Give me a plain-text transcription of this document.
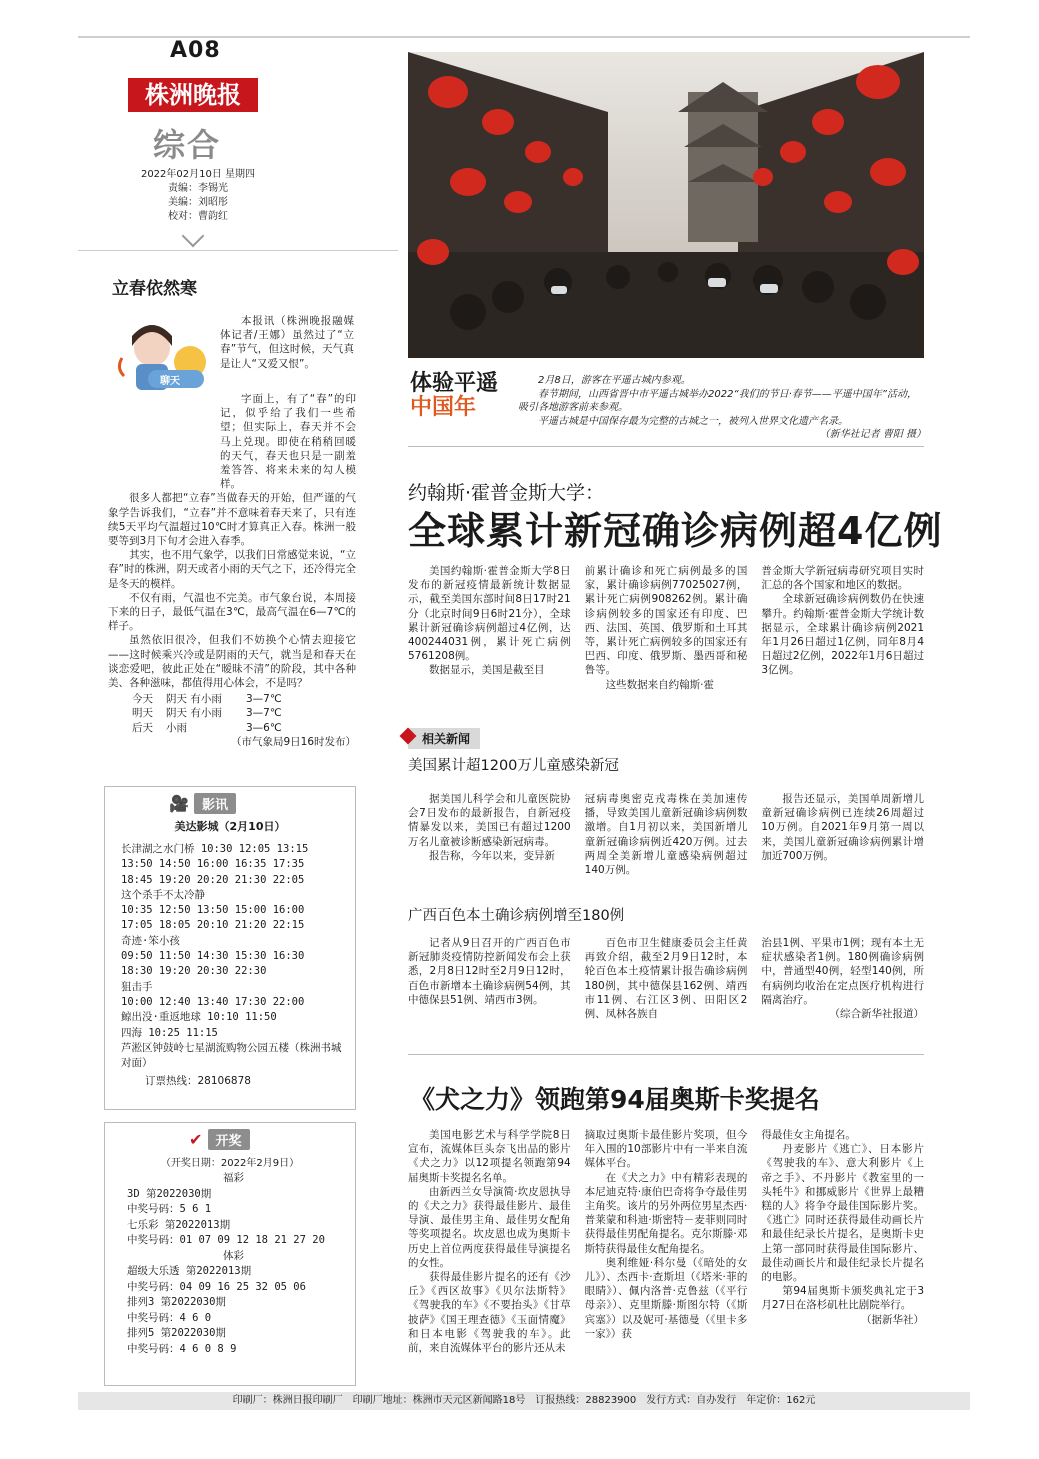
A08
株洲晚报
综合
2022年02月10日 星期四
责编：李锡光
美编：刘昭彤
校对：曹韵红
立春依然寒
聊天

本报讯（株洲晚报融媒体记者/王娜）虽然过了“立春”节气，但这时候，天气真是让人“又爱又恨”。

字面上，有了“春”的印记，似乎给了我们一些希望；但实际上，春天并不会马上兑现。即使在稍稍回暖的天气，春天也只是一副羞羞答答、将来未来的勾人模样。

很多人都把“立春”当做春天的开始，但严谨的气象学告诉我们，“立春”并不意味着春天来了，只有连续5天平均气温超过10℃时才算真正入春。株洲一般要等到3月下旬才会进入春季。

其实，也不用气象学，以我们日常感觉来说，“立春”时的株洲，阴天或者小雨的天气之下，还冷得完全是冬天的模样。

不仅有雨，气温也不完美。市气象台说，本周接下来的日子，最低气温在3℃，最高气温在6—7℃的样子。

虽然依旧很冷，但我们不妨换个心情去迎接它——这时候乘兴冷或是阴雨的天气，就当是和春天在谈恋爱吧，彼此正处在“暧昧不清”的阶段，其中各种美、各种滋味，都值得用心体会，不是吗？

今天 阴天 有小雨 3—7℃
明天 阴天 有小雨 3—7℃
后天 小雨	3—6℃
（市气象局9日16时发布）
🎥 影讯
美达影城（2月10日）
长津湖之水门桥 10:30 12:05 13:15
13:50 14:50 16:00 16:35 17:35
18:45 19:20 20:20 21:30 22:05
这个杀手不太冷静
10:35 12:50 13:50 15:00 16:00
17:05 18:05 20:10 21:20 22:15
奇迹·笨小孩
09:50 11:50 14:30 15:30 16:30
18:30 19:20 20:30 22:30
狙击手
10:00 12:40 13:40 17:30 22:00
鲸出没·重返地球 10:10 11:50
四海 10:25 11:15
芦淞区钟鼓岭七星湖流购物公园五楼（株洲书城对面）
订票热线：28106878
✔ 开奖
（开奖日期：2022年2月9日）
福彩
3D 第2022030期
中奖号码：5 6 1
七乐彩 第2022013期
中奖号码：01 07 09 12 18 21 27 20
体彩
超级大乐透 第2022013期
中奖号码：04 09 16 25 32 05 06
排列3 第2022030期
中奖号码：4 6 0
排列5 第2022030期
中奖号码：4 6 0 8 9
体验平遥
中国年
2月8日，游客在平遥古城内参观。
春节期间，山西省晋中市平遥古城举办2022“我们的节日·春节——平遥中国年”活动，吸引各地游客前来参观。
平遥古城是中国保存最为完整的古城之一，被列入世界文化遗产名录。
（新华社记者 曹阳 摄）
约翰斯·霍普金斯大学：
全球累计新冠确诊病例超4亿例

美国约翰斯·霍普金斯大学8日发布的新冠疫情最新统计数据显示，截至美国东部时间8日17时21分（北京时间9日6时21分），全球累计新冠确诊病例超过4亿例，达400244031例，累计死亡病例5761208例。

数据显示，美国是截至目

前累计确诊和死亡病例最多的国家，累计确诊病例77025027例，累计死亡病例908262例。累计确诊病例较多的国家还有印度、巴西、法国、英国、俄罗斯和土耳其等，累计死亡病例较多的国家还有巴西、印度、俄罗斯、墨西哥和秘鲁等。

这些数据来自约翰斯·霍

普金斯大学新冠病毒研究项目实时汇总的各个国家和地区的数据。

全球新冠确诊病例数仍在快速攀升。约翰斯·霍普金斯大学统计数据显示，全球累计确诊病例2021年1月26日超过1亿例，同年8月4日超过2亿例，2022年1月6日超过3亿例。

相关新闻
美国累计超1200万儿童感染新冠

据美国儿科学会和儿童医院协会7日发布的最新报告，自新冠疫情暴发以来，美国已有超过1200万名儿童被诊断感染新冠病毒。

报告称，今年以来，变异新

冠病毒奥密克戎毒株在美加速传播，导致美国儿童新冠确诊病例数激增。自1月初以来，美国新增儿童新冠确诊病例近420万例。过去两周全美新增儿童感染病例超过140万例。

报告还显示，美国单周新增儿童新冠确诊病例已连续26周超过10万例。自2021年9月第一周以来，美国儿童新冠确诊病例累计增加近700万例。

广西百色本土确诊病例增至180例

记者从9日召开的广西百色市新冠肺炎疫情防控新闻发布会上获悉，2月8日12时至2月9日12时，百色市新增本土确诊病例54例，其中德保县51例、靖西市3例。

百色市卫生健康委员会主任黄再致介绍，截至2月9日12时，本轮百色本土疫情累计报告确诊病例180例，其中德保县162例、靖西市11例、右江区3例、田阳区2例、凤林各族自

治县1例、平果市1例；现有本土无症状感染者1例。180例确诊病例中，普通型40例，轻型140例，所有病例均收治在定点医疗机构进行隔离治疗。

（综合新华社报道）
《犬之力》领跑第94届奥斯卡奖提名

美国电影艺术与科学学院8日宣布，流媒体巨头奈飞出品的影片《犬之力》以12项提名领跑第94届奥斯卡奖提名名单。

由新西兰女导演简·坎皮恩执导的《犬之力》获得最佳影片、最佳导演、最佳男主角、最佳男女配角等奖项提名。坎皮恩也成为奥斯卡历史上首位两度获得最佳导演提名的女性。

获得最佳影片提名的还有《沙丘》《西区故事》《贝尔法斯特》《驾驶我的车》《不要抬头》《甘草披萨》《国王理查德》《玉面情魔》和日本电影《驾驶我的车》。此前，来自流媒体平台的影片还从未

摘取过奥斯卡最佳影片奖项，但今年入围的10部影片中有一半来自流媒体平台。

在《犬之力》中有精彩表现的本尼迪克特·康伯巴奇将争夺最佳男主角奖。该片的另外两位男星杰西·普莱蒙和科迪·斯密特－麦菲则同时获得最佳男配角提名。克尔斯滕·邓斯特获得最佳女配角提名。

奥利维娅·科尔曼（《暗处的女儿》）、杰西卡·查斯坦（《塔米·菲的眼睛》）、佩内洛普·克鲁兹（《平行母亲》）、克里斯滕·斯图尔特（《斯宾塞》）以及妮可·基德曼（《里卡多一家》）获

得最佳女主角提名。

丹麦影片《逃亡》、日本影片《驾驶我的车》、意大利影片《上帝之手》、不丹影片《教室里的一头牦牛》和挪威影片《世界上最糟糕的人》将争夺最佳国际影片奖。《逃亡》同时还获得最佳动画长片和最佳纪录长片提名，是奥斯卡史上第一部同时获得最佳国际影片、最佳动画长片和最佳纪录长片提名的电影。

第94届奥斯卡颁奖典礼定于3月27日在洛杉矶杜比剧院举行。

（据新华社）
印刷厂：株洲日报印刷厂　印刷厂地址：株洲市天元区新闻路18号　订报热线：28823900　发行方式：自办发行　年定价：162元
